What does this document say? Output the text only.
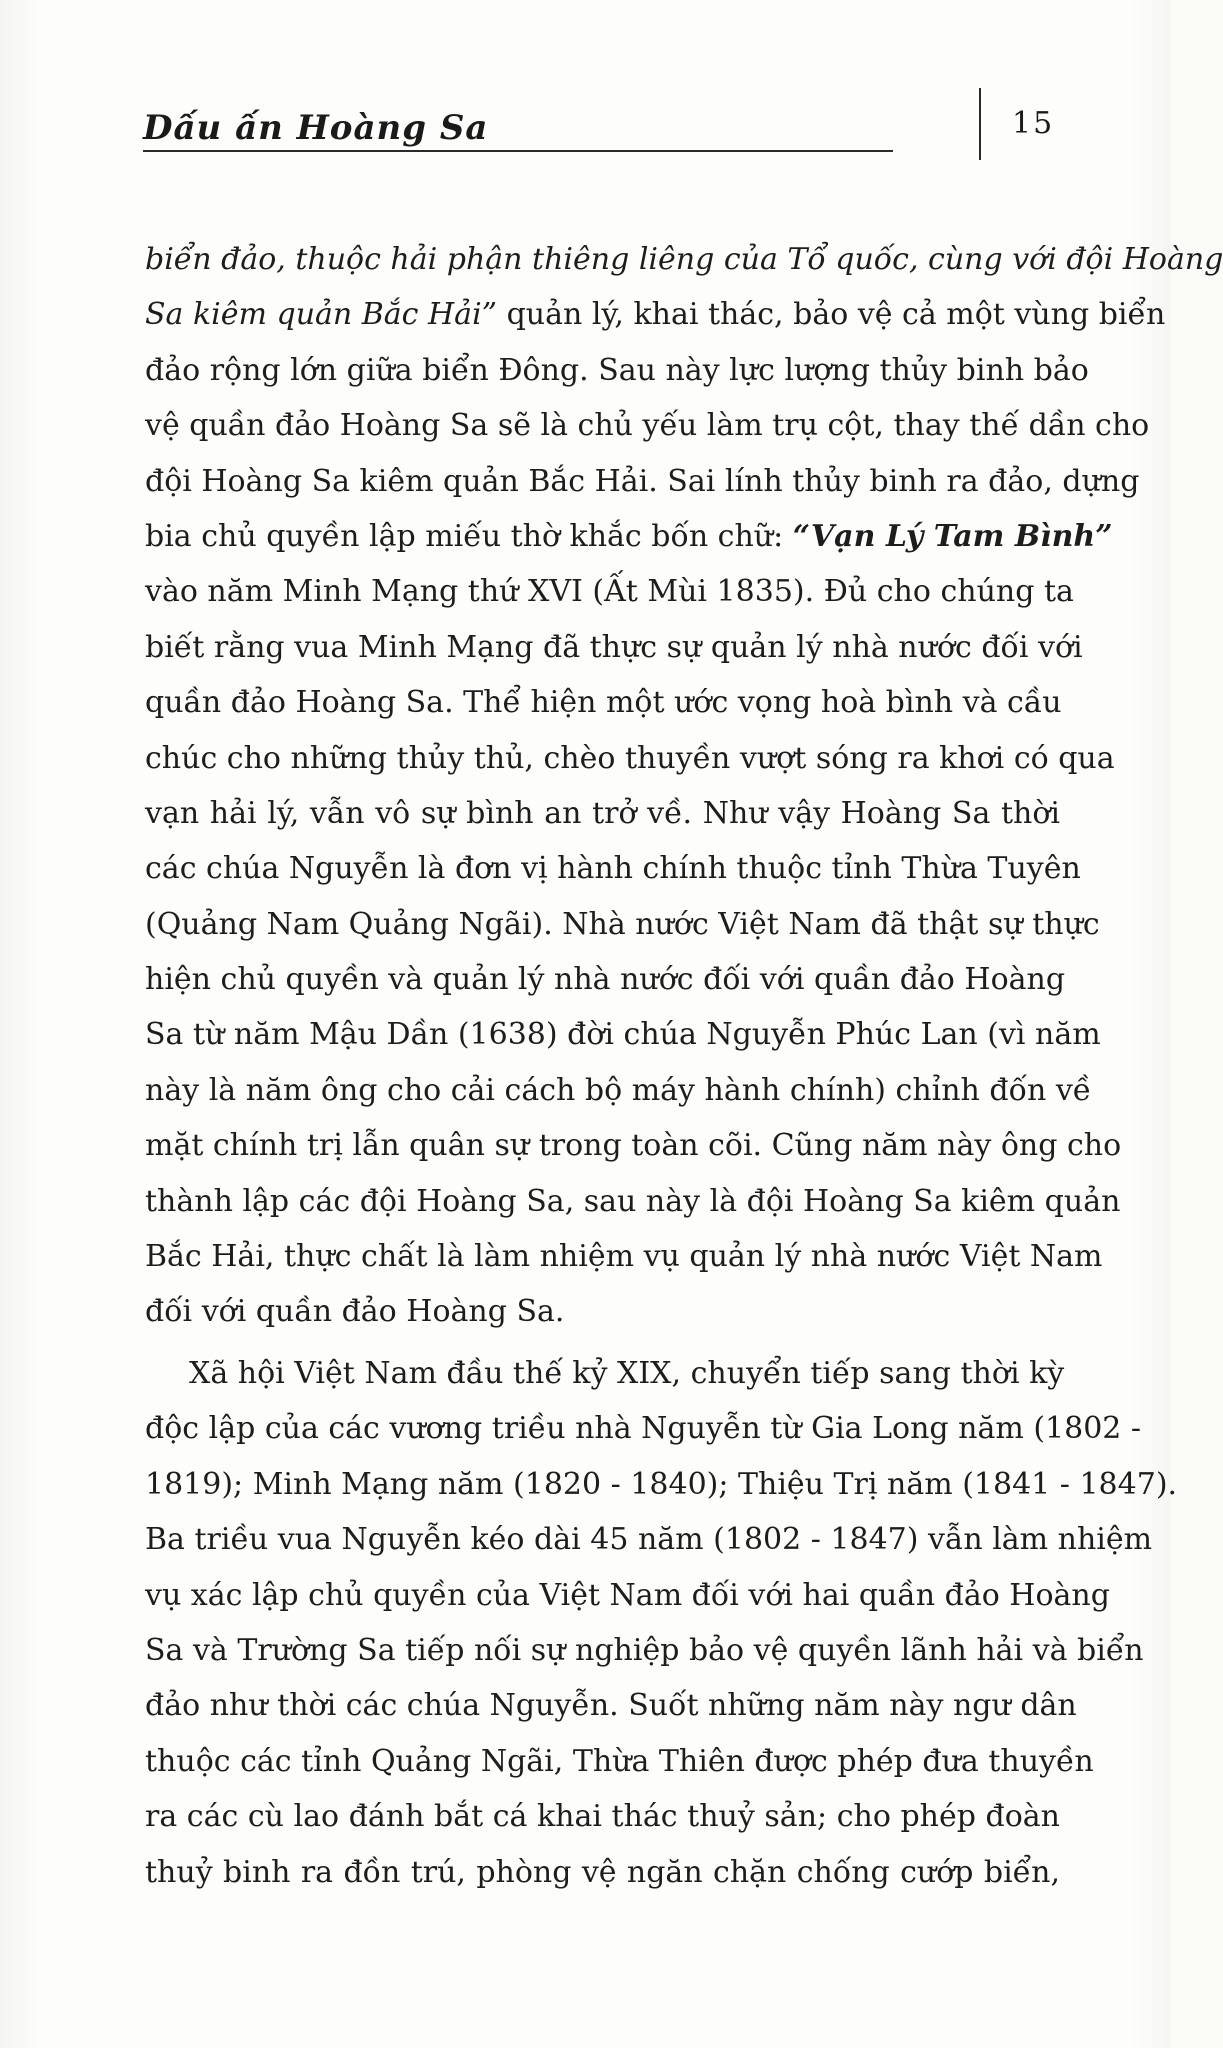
Dấu ấn Hoàng Sa	15
biển đảo, thuộc hải phận thiêng liêng của Tổ quốc, cùng với đội Hoàng
Sa kiêm quản Bắc Hải” quản lý, khai thác, bảo vệ cả một vùng biển
đảo rộng lớn giữa biển Đông. Sau này lực lượng thủy binh bảo
vệ quần đảo Hoàng Sa sẽ là chủ yếu làm trụ cột, thay thế dần cho
đội Hoàng Sa kiêm quản Bắc Hải. Sai lính thủy binh ra đảo, dựng
bia chủ quyền lập miếu thờ khắc bốn chữ: “Vạn Lý Tam Bình”
vào năm Minh Mạng thứ XVI (Ất Mùi 1835). Đủ cho chúng ta
biết rằng vua Minh Mạng đã thực sự quản lý nhà nước đối với
quần đảo Hoàng Sa. Thể hiện một ước vọng hoà bình và cầu
chúc cho những thủy thủ, chèo thuyền vượt sóng ra khơi có qua
vạn hải lý, vẫn vô sự bình an trở về. Như vậy Hoàng Sa thời
các chúa Nguyễn là đơn vị hành chính thuộc tỉnh Thừa Tuyên
(Quảng Nam Quảng Ngãi). Nhà nước Việt Nam đã thật sự thực
hiện chủ quyền và quản lý nhà nước đối với quần đảo Hoàng
Sa từ năm Mậu Dần (1638) đời chúa Nguyễn Phúc Lan (vì năm
này là năm ông cho cải cách bộ máy hành chính) chỉnh đốn về
mặt chính trị lẫn quân sự trong toàn cõi. Cũng năm này ông cho
thành lập các đội Hoàng Sa, sau này là đội Hoàng Sa kiêm quản
Bắc Hải, thực chất là làm nhiệm vụ quản lý nhà nước Việt Nam
đối với quần đảo Hoàng Sa.
Xã hội Việt Nam đầu thế kỷ XIX, chuyển tiếp sang thời kỳ
độc lập của các vương triều nhà Nguyễn từ Gia Long năm (1802 -
1819); Minh Mạng năm (1820 - 1840); Thiệu Trị năm (1841 - 1847).
Ba triều vua Nguyễn kéo dài 45 năm (1802 - 1847) vẫn làm nhiệm
vụ xác lập chủ quyền của Việt Nam đối với hai quần đảo Hoàng
Sa và Trường Sa tiếp nối sự nghiệp bảo vệ quyền lãnh hải và biển
đảo như thời các chúa Nguyễn. Suốt những năm này ngư dân
thuộc các tỉnh Quảng Ngãi, Thừa Thiên được phép đưa thuyền
ra các cù lao đánh bắt cá khai thác thuỷ sản; cho phép đoàn
thuỷ binh ra đồn trú, phòng vệ ngăn chặn chống cướp biển,
